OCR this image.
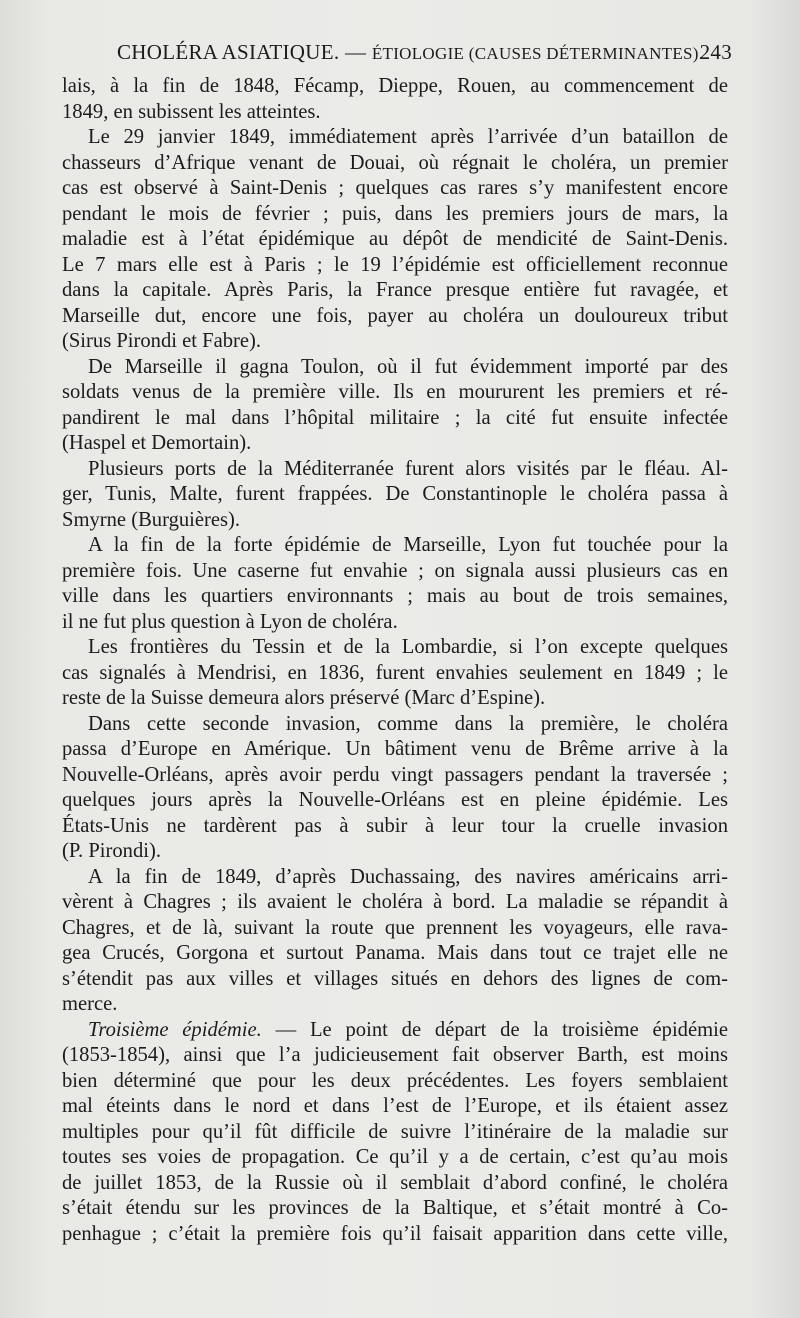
CHOLÉRA ASIATIQUE. — ÉTIOLOGIE (CAUSES DÉTERMINANTES).
243
lais, à la fin de 1848, Fécamp, Dieppe, Rouen, au commencement de
1849, en subissent les atteintes.
Le 29 janvier 1849, immédiatement après l’arrivée d’un bataillon de
chasseurs d’Afrique venant de Douai, où régnait le choléra, un premier
cas est observé à Saint-Denis ; quelques cas rares s’y manifestent encore
pendant le mois de février ; puis, dans les premiers jours de mars, la
maladie est à l’état épidémique au dépôt de mendicité de Saint-Denis.
Le 7 mars elle est à Paris ; le 19 l’épidémie est officiellement reconnue
dans la capitale. Après Paris, la France presque entière fut ravagée, et
Marseille dut, encore une fois, payer au choléra un douloureux tribut
(Sirus Pirondi et Fabre).
De Marseille il gagna Toulon, où il fut évidemment importé par des
soldats venus de la première ville. Ils en moururent les premiers et ré-
pandirent le mal dans l’hôpital militaire ; la cité fut ensuite infectée
(Haspel et Demortain).
Plusieurs ports de la Méditerranée furent alors visités par le fléau. Al-
ger, Tunis, Malte, furent frappées. De Constantinople le choléra passa à
Smyrne (Burguières).
A la fin de la forte épidémie de Marseille, Lyon fut touchée pour la
première fois. Une caserne fut envahie ; on signala aussi plusieurs cas en
ville dans les quartiers environnants ; mais au bout de trois semaines,
il ne fut plus question à Lyon de choléra.
Les frontières du Tessin et de la Lombardie, si l’on excepte quelques
cas signalés à Mendrisi, en 1836, furent envahies seulement en 1849 ; le
reste de la Suisse demeura alors préservé (Marc d’Espine).
Dans cette seconde invasion, comme dans la première, le choléra
passa d’Europe en Amérique. Un bâtiment venu de Brême arrive à la
Nouvelle-Orléans, après avoir perdu vingt passagers pendant la traversée ;
quelques jours après la Nouvelle-Orléans est en pleine épidémie. Les
États-Unis ne tardèrent pas à subir à leur tour la cruelle invasion
(P. Pirondi).
A la fin de 1849, d’après Duchassaing, des navires américains arri-
vèrent à Chagres ; ils avaient le choléra à bord. La maladie se répandit à
Chagres, et de là, suivant la route que prennent les voyageurs, elle rava-
gea Crucés, Gorgona et surtout Panama. Mais dans tout ce trajet elle ne
s’étendit pas aux villes et villages situés en dehors des lignes de com-
merce.
Troisième épidémie. — Le point de départ de la troisième épidémie
(1853-1854), ainsi que l’a judicieusement fait observer Barth, est moins
bien déterminé que pour les deux précédentes. Les foyers semblaient
mal éteints dans le nord et dans l’est de l’Europe, et ils étaient assez
multiples pour qu’il fût difficile de suivre l’itinéraire de la maladie sur
toutes ses voies de propagation. Ce qu’il y a de certain, c’est qu’au mois
de juillet 1853, de la Russie où il semblait d’abord confiné, le choléra
s’était étendu sur les provinces de la Baltique, et s’était montré à Co-
penhague ; c’était la première fois qu’il faisait apparition dans cette ville,
